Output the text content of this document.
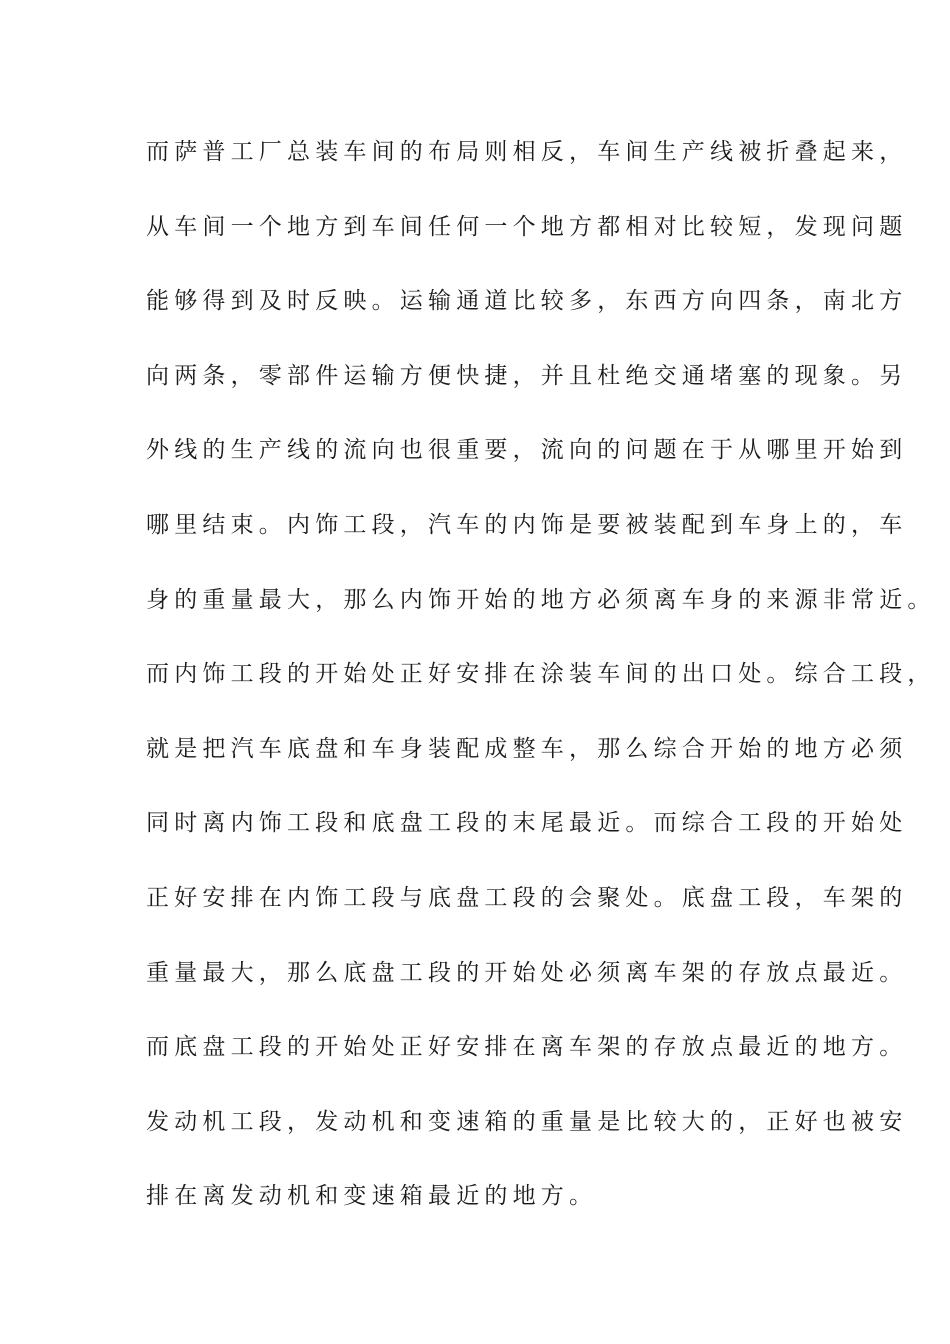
而萨普工厂总装车间的布局则相反，车间生产线被折叠起来，
从车间一个地方到车间任何一个地方都相对比较短，发现问题
能够得到及时反映。运输通道比较多，东西方向四条，南北方
向两条，零部件运输方便快捷，并且杜绝交通堵塞的现象。另
外线的生产线的流向也很重要，流向的问题在于从哪里开始到
哪里结束。内饰工段，汽车的内饰是要被装配到车身上的，车
身的重量最大，那么内饰开始的地方必须离车身的来源非常近。
而内饰工段的开始处正好安排在涂装车间的出口处。综合工段，
就是把汽车底盘和车身装配成整车，那么综合开始的地方必须
同时离内饰工段和底盘工段的末尾最近。而综合工段的开始处
正好安排在内饰工段与底盘工段的会聚处。底盘工段，车架的
重量最大，那么底盘工段的开始处必须离车架的存放点最近。
而底盘工段的开始处正好安排在离车架的存放点最近的地方。
发动机工段，发动机和变速箱的重量是比较大的，正好也被安
排在离发动机和变速箱最近的地方。
